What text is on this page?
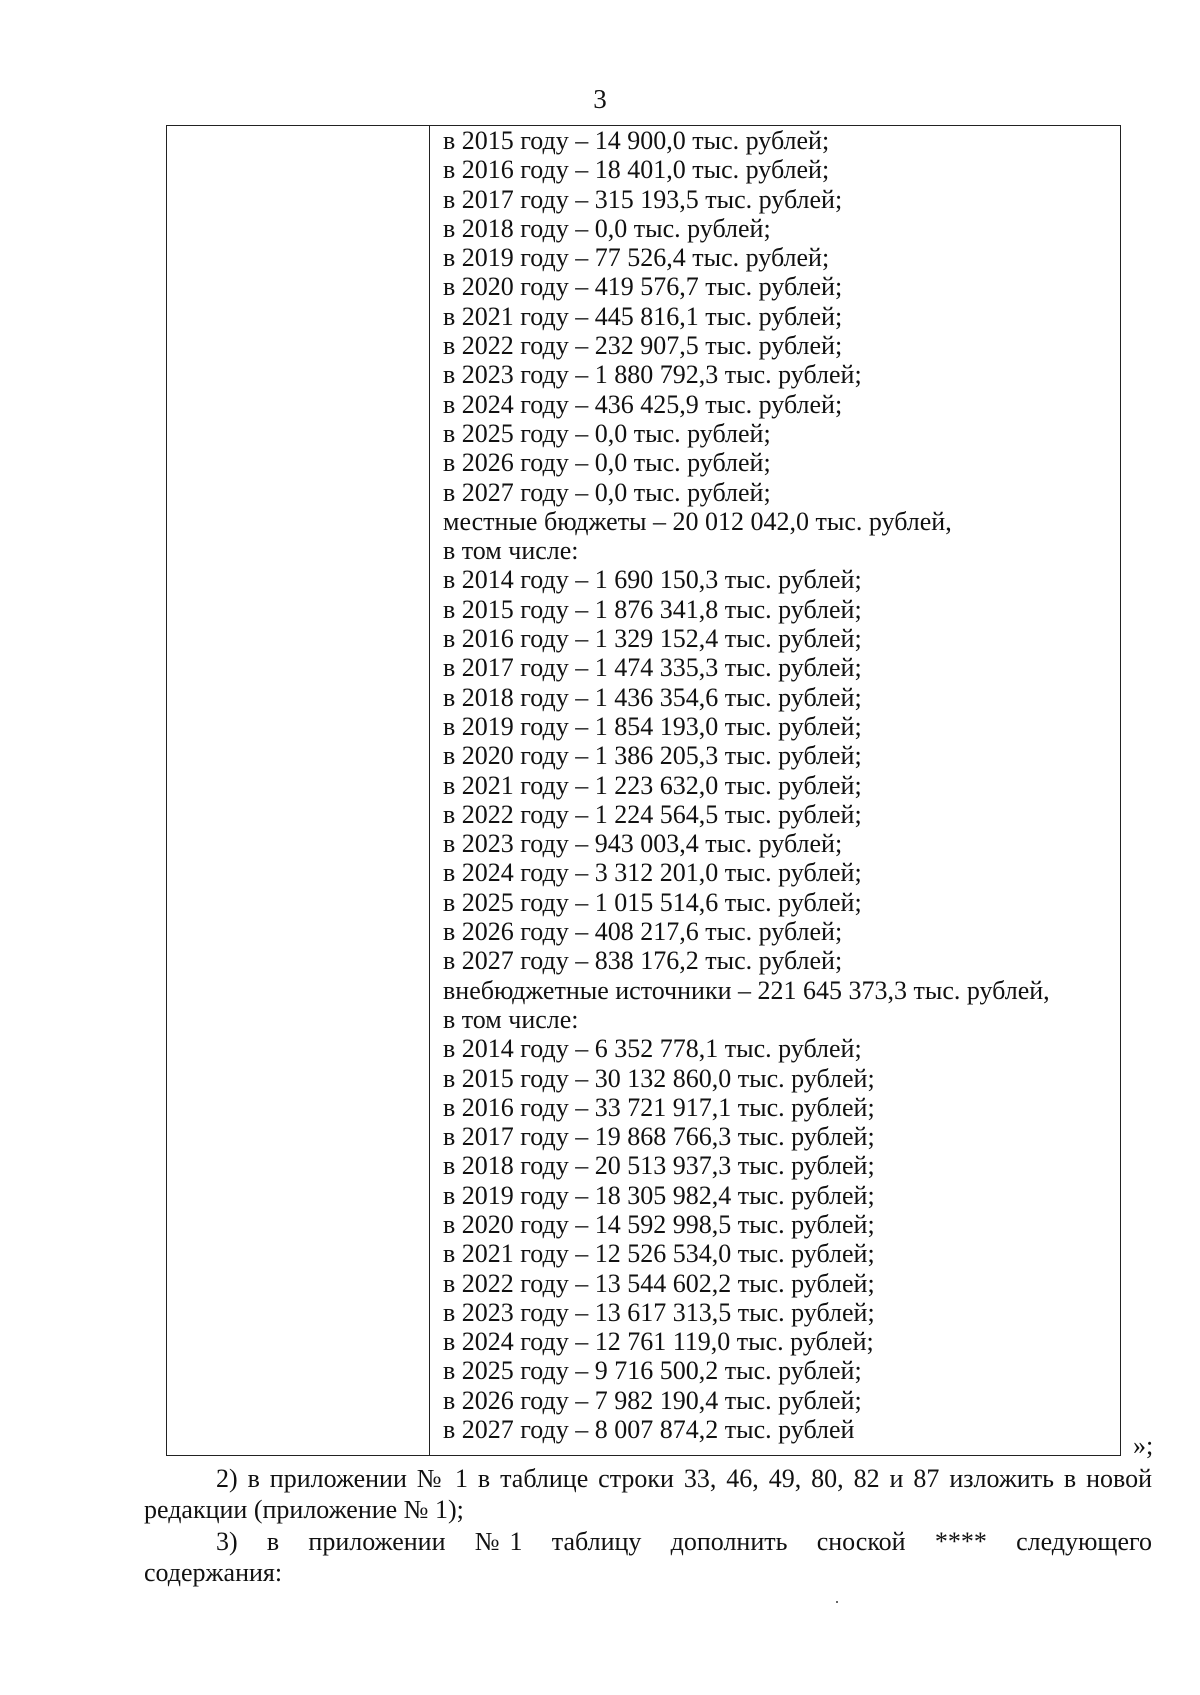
3
в 2015 году – 14 900,0 тыс. рублей;
в 2016 году – 18 401,0 тыс. рублей;
в 2017 году – 315 193,5 тыс. рублей;
в 2018 году – 0,0 тыс. рублей;
в 2019 году – 77 526,4 тыс. рублей;
в 2020 году – 419 576,7 тыс. рублей;
в 2021 году – 445 816,1 тыс. рублей;
в 2022 году – 232 907,5 тыс. рублей;
в 2023 году – 1 880 792,3 тыс. рублей;
в 2024 году – 436 425,9 тыс. рублей;
в 2025 году – 0,0 тыс. рублей;
в 2026 году – 0,0 тыс. рублей;
в 2027 году – 0,0 тыс. рублей;
местные бюджеты – 20 012 042,0 тыс. рублей,
в том числе:
в 2014 году – 1 690 150,3 тыс. рублей;
в 2015 году – 1 876 341,8 тыс. рублей;
в 2016 году – 1 329 152,4 тыс. рублей;
в 2017 году – 1 474 335,3 тыс. рублей;
в 2018 году – 1 436 354,6 тыс. рублей;
в 2019 году – 1 854 193,0 тыс. рублей;
в 2020 году – 1 386 205,3 тыс. рублей;
в 2021 году – 1 223 632,0 тыс. рублей;
в 2022 году – 1 224 564,5 тыс. рублей;
в 2023 году – 943 003,4 тыс. рублей;
в 2024 году – 3 312 201,0 тыс. рублей;
в 2025 году – 1 015 514,6 тыс. рублей;
в 2026 году – 408 217,6 тыс. рублей;
в 2027 году – 838 176,2 тыс. рублей;
внебюджетные источники – 221 645 373,3 тыс. рублей,
в том числе:
в 2014 году – 6 352 778,1 тыс. рублей;
в 2015 году – 30 132 860,0 тыс. рублей;
в 2016 году – 33 721 917,1 тыс. рублей;
в 2017 году – 19 868 766,3 тыс. рублей;
в 2018 году – 20 513 937,3 тыс. рублей;
в 2019 году – 18 305 982,4 тыс. рублей;
в 2020 году – 14 592 998,5 тыс. рублей;
в 2021 году – 12 526 534,0 тыс. рублей;
в 2022 году – 13 544 602,2 тыс. рублей;
в 2023 году – 13 617 313,5 тыс. рублей;
в 2024 году – 12 761 119,0 тыс. рублей;
в 2025 году – 9 716 500,2 тыс. рублей;
в 2026 году – 7 982 190,4 тыс. рублей;
в 2027 году – 8 007 874,2 тыс. рублей
»;
2) в приложении № 1 в таблице строки 33, 46, 49, 80, 82 и 87 изложить в новой редакции (приложение № 1);
3) в приложении № 1 таблицу дополнить сноской **** следующего содержания:
